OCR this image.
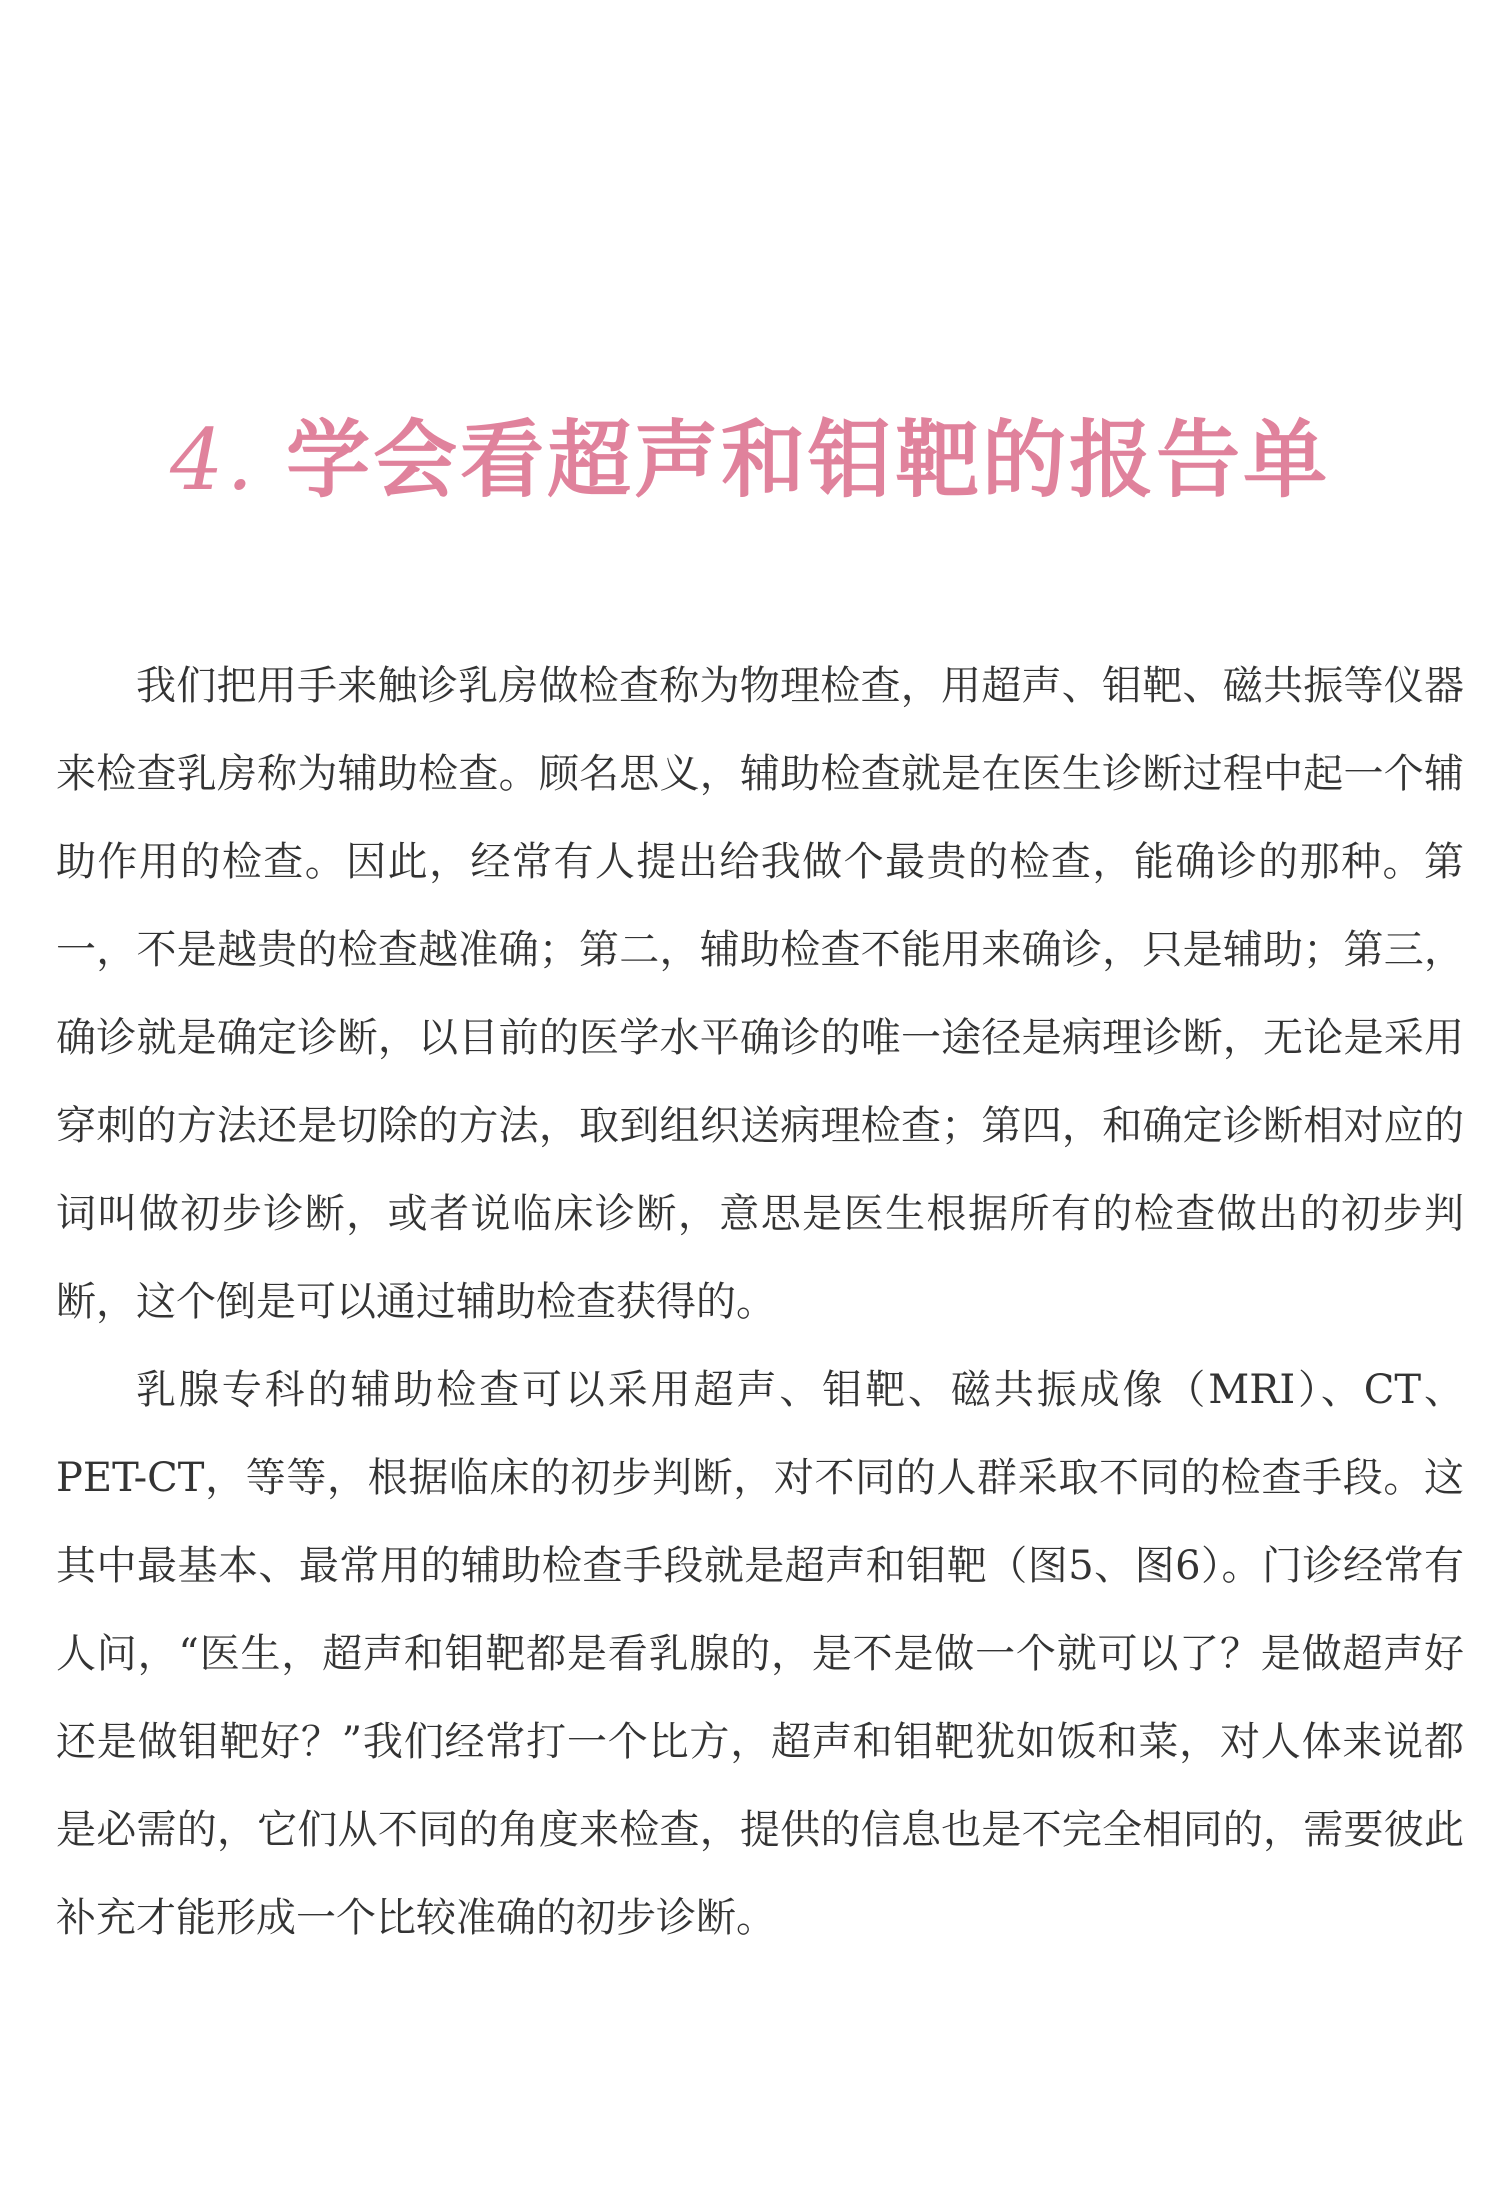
4. 学会看超声和钼靶的报告单

我们把用手来触诊乳房做检查称为物理检查，用超声、钼靶、磁共振等仪器来检查乳房称为辅助检查。顾名思义，辅助检查就是在医生诊断过程中起一个辅助作用的检查。因此，经常有人提出给我做个最贵的检查，能确诊的那种。第一，不是越贵的检查越准确；第二，辅助检查不能用来确诊，只是辅助；第三，确诊就是确定诊断，以目前的医学水平确诊的唯一途径是病理诊断，无论是采用穿刺的方法还是切除的方法，取到组织送病理检查；第四，和确定诊断相对应的词叫做初步诊断，或者说临床诊断，意思是医生根据所有的检查做出的初步判断，这个倒是可以通过辅助检查获得的。

乳腺专科的辅助检查可以采用超声、钼靶、磁共振成像（MRI）、CT、PET-CT，等等，根据临床的初步判断，对不同的人群采取不同的检查手段。这其中最基本、最常用的辅助检查手段就是超声和钼靶（图5、图6）。门诊经常有人问，“医生，超声和钼靶都是看乳腺的，是不是做一个就可以了？是做超声好还是做钼靶好？”我们经常打一个比方，超声和钼靶犹如饭和菜，对人体来说都是必需的，它们从不同的角度来检查，提供的信息也是不完全相同的，需要彼此补充才能形成一个比较准确的初步诊断。
